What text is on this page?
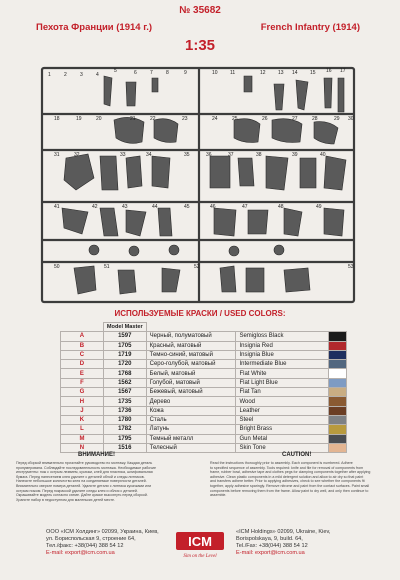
№ 35682
Пехота Франции (1914 г.)	French Infantry (1914)
1:35
1	2	3	4
5	6	7	8	9	10 11	12 13 14 15 16 17
18	19	20	21	22	23	24	25	26	27	28	29 30
31	32	33	34	35	36	37	38	39	40
41	42	43	44	45	46	47	48	49
50	51	52	53
ИСПОЛЬЗУЕМЫЕ КРАСКИ / USED COLORS:
	Model Master			
A	1597	Черный, полуматовый	Semigloss Black	

B	1705	Красный, матовый	Insignia Red	

C	1719	Темно-синий, матовый	Insignia Blue	

D	1720	Серо-голубой, матовый	Intermediate Blue	

E	1768	Белый, матовый	Flat White	

F	1562	Голубой, матовый	Flat Light Blue	

G	1567	Бежевый, матовый	Flat Tan	

H	1735	Дерево	Wood	

J	1736	Кожа	Leather	

K	1780	Сталь	Steel	

L	1782	Латунь	Bright Brass	

M	1795	Темный металл	Gun Metal	

N	1516	Телесный	Skin Tone	
ВНИМАНИЕ!
Перед сборкой внимательно прочитайте руководство по монтажу. Каждая деталь
пронумерована. Соблюдайте последовательность монтажа. Необходимые рабочие
инструменты: нож с острым лезвием, кусачки, клей для пластика, шлифовальная
бумага. Перед нанесением клея удалите с деталей облой и следы литников.
Нанесите небольшое количество клея на соединяемые поверхности деталей.
Внимательно сверьте номера деталей. Удалите детали с литника кусачками или
острым ножом. Перед покраской удалите следы клея и облоя с деталей.
Окрашивайте модель согласно схеме. Дайте краске высохнуть перед сборкой.
Храните набор в недоступном для маленьких детей месте.
CAUTION!
Read the instructions thoroughly prior to assembly. Each component is numbered. Adhere
to specified sequence of assembly. Tools required: knife and file for removal of components from
frame, rubber bowl, adhesive tape and clothes pegs for clamping components together after applying
adhesive. Clean plastic components in a mild detergent solution and allow to air dry so that paint
and transfers adhere better. Prior to applying adhesives, check to see whether the components fit
together, apply adhesive sparingly. Remove nitrome and paint from the contact surfaces. Paint small
components before removing them from the frame. Allow paint to dry well, and only then continue to
assemble.
ООО «ICM Холдинг» 02099, Украина, Киев,
ул. Бориспольская 9, строение 64,
Тел./факс: +38(044) 388 54 12
E-mail: export@icm.com.ua
ICM
Sim on the Level
«ICM Holdings» 02099, Ukraine, Kiev,
Borispolskaya, 9, build. 64,
Tel./Fax: +38(044) 388 54 12
E-mail: export@icm.com.ua
